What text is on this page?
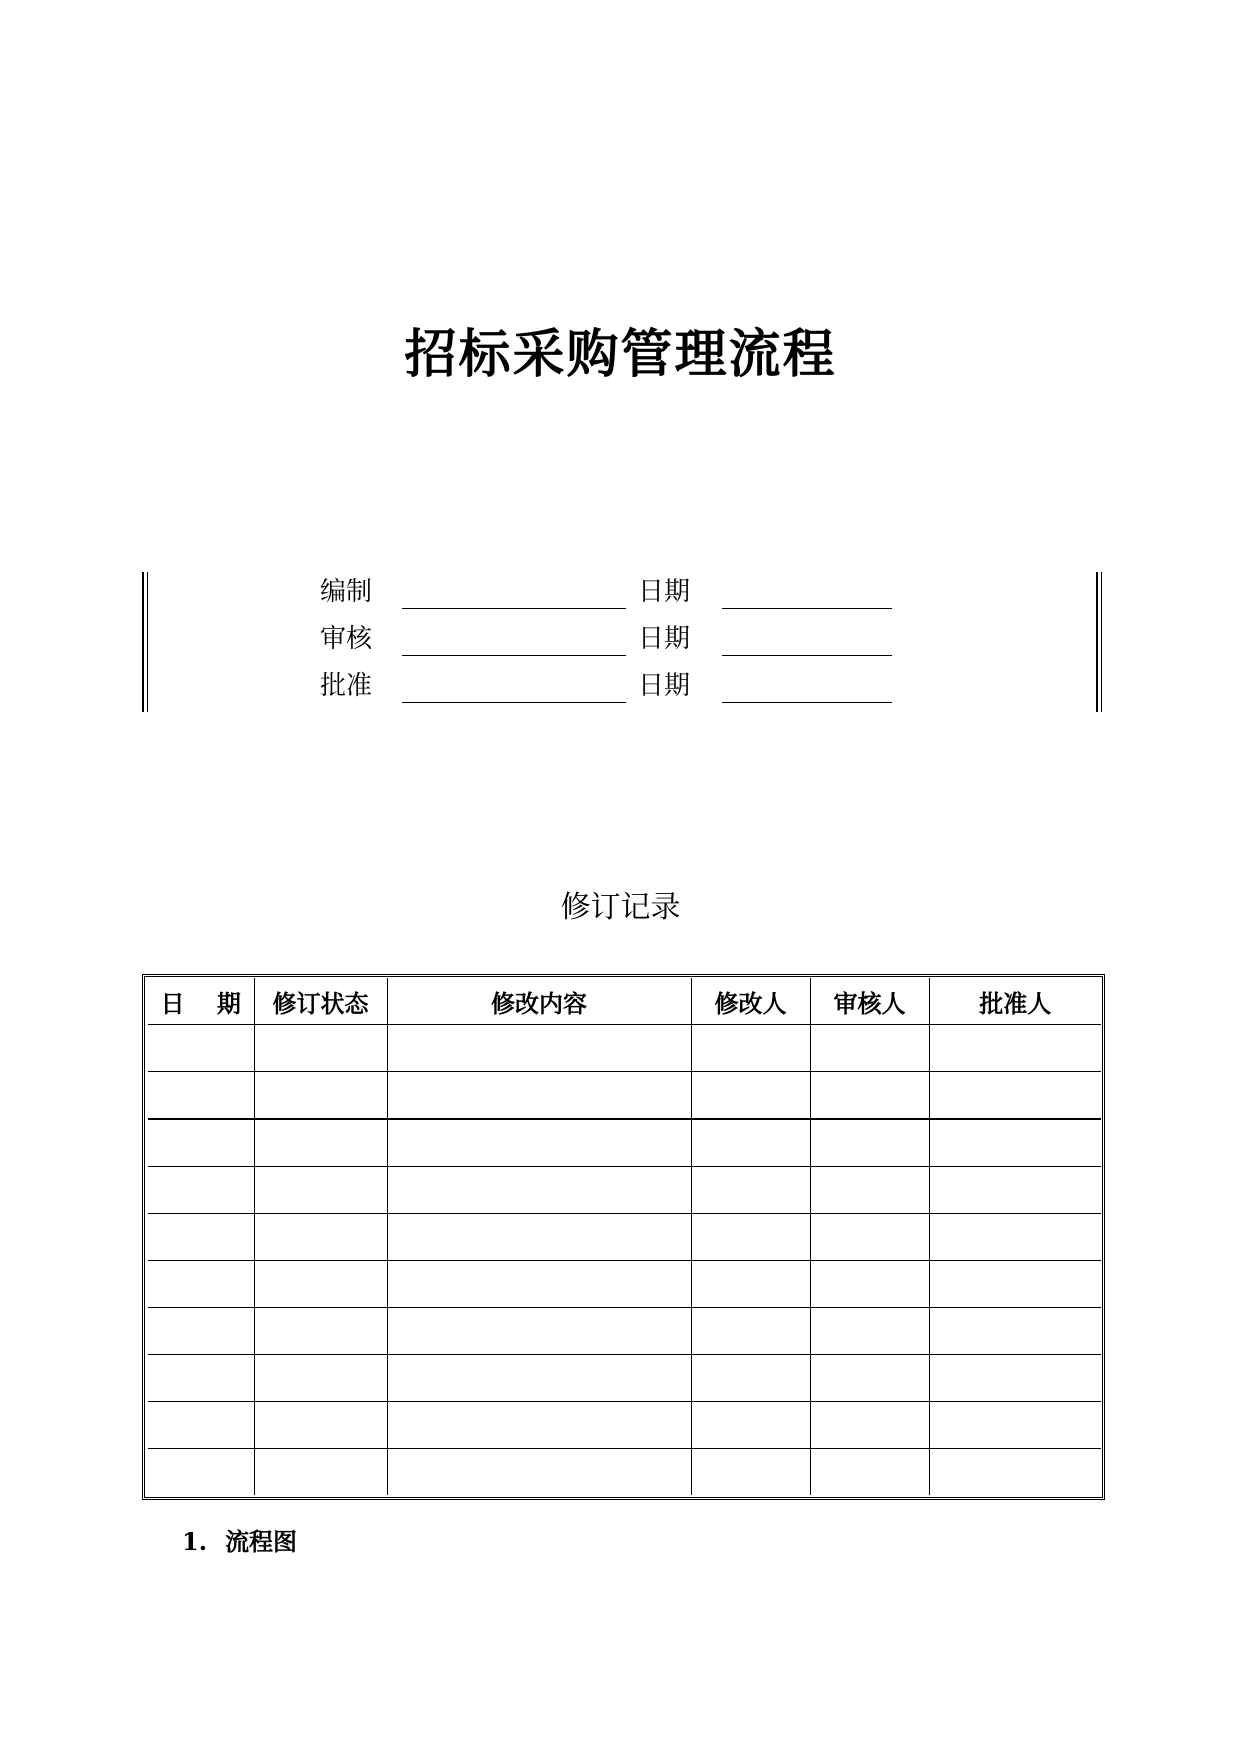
招标采购管理流程
编制	日期
审核	日期
批准	日期
修订记录
日　 期	修订状态	修改内容	修改人	审核人	批准人

1. 流程图
